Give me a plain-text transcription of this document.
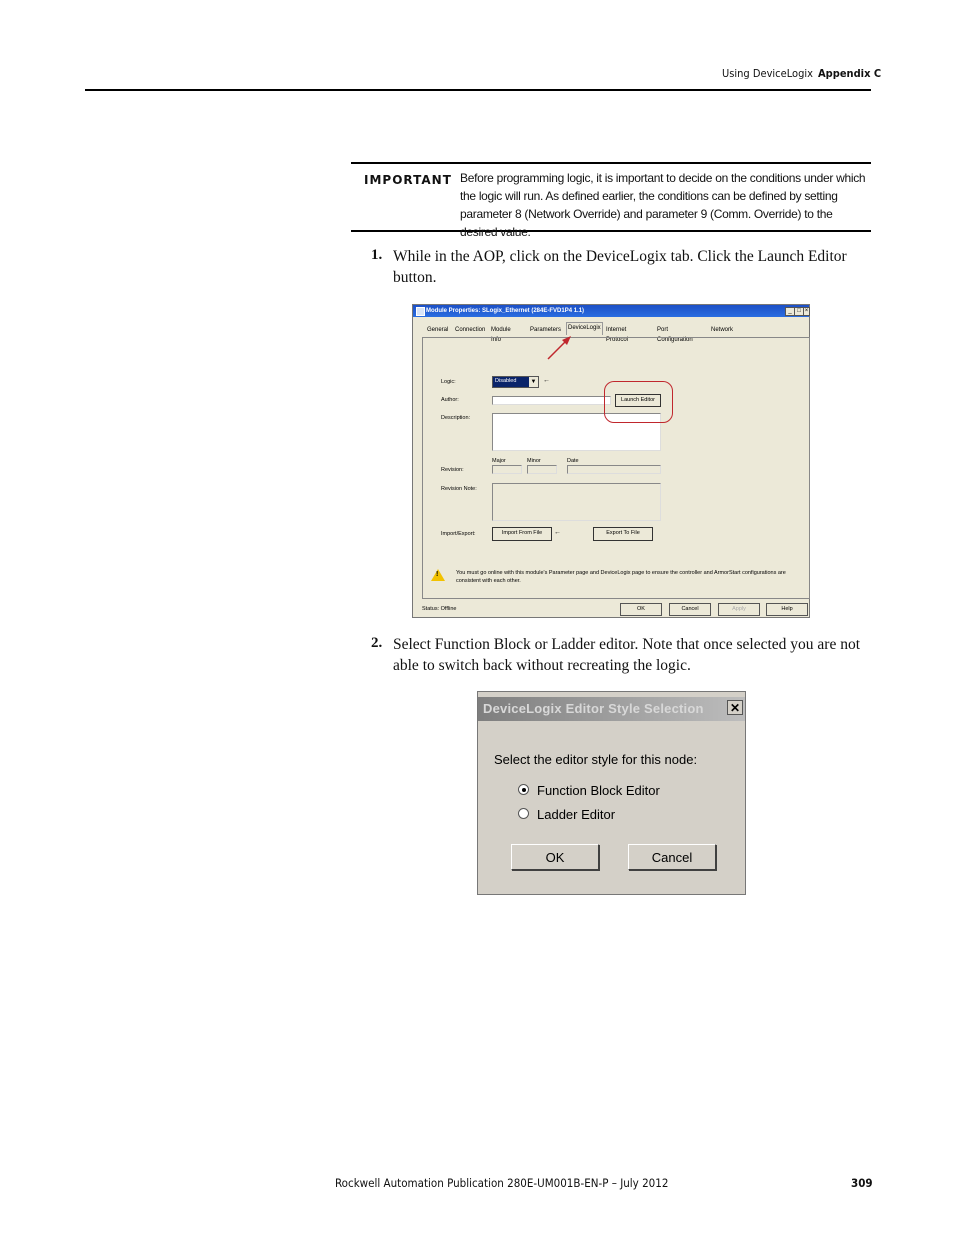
Using DeviceLogix Appendix C
IMPORTANT Before programming logic, it is important to decide on the conditions under which the logic will run. As defined earlier, the conditions can be defined by setting parameter 8 (Network Override) and parameter 9 (Comm. Override) to the desired value.
1. While in the AOP, click on the DeviceLogix tab. Click the Launch Editor button.
Module Properties: SLogix_Ethernet (284E-FVD1P4 1.1)	_ □ ×
General Connection Module Info
Parameters	DeviceLogix Internet Protocol
Port Configuration
Network
Logic:	Disabled ▼ ←
Author:	Launch Editor
Description:
Major	Minor	Date
Revision:
Revision Note:
Import/Export:	Import From File	←	Export To File
!	You must go online with this module's Parameter page and DeviceLogix page to ensure the controller and ArmorStart configurations are consistent with each other.
Status: Offline	OK	Cancel	Apply	Help
2. Select Function Block or Ladder editor. Note that once selected you are not able to switch back without recreating the logic.
DeviceLogix Editor Style Selection ✕
Select the editor style for this node:
Function Block Editor
Ladder Editor
OK	Cancel
Rockwell Automation Publication 280E-UM001B-EN-P – July 2012	309
